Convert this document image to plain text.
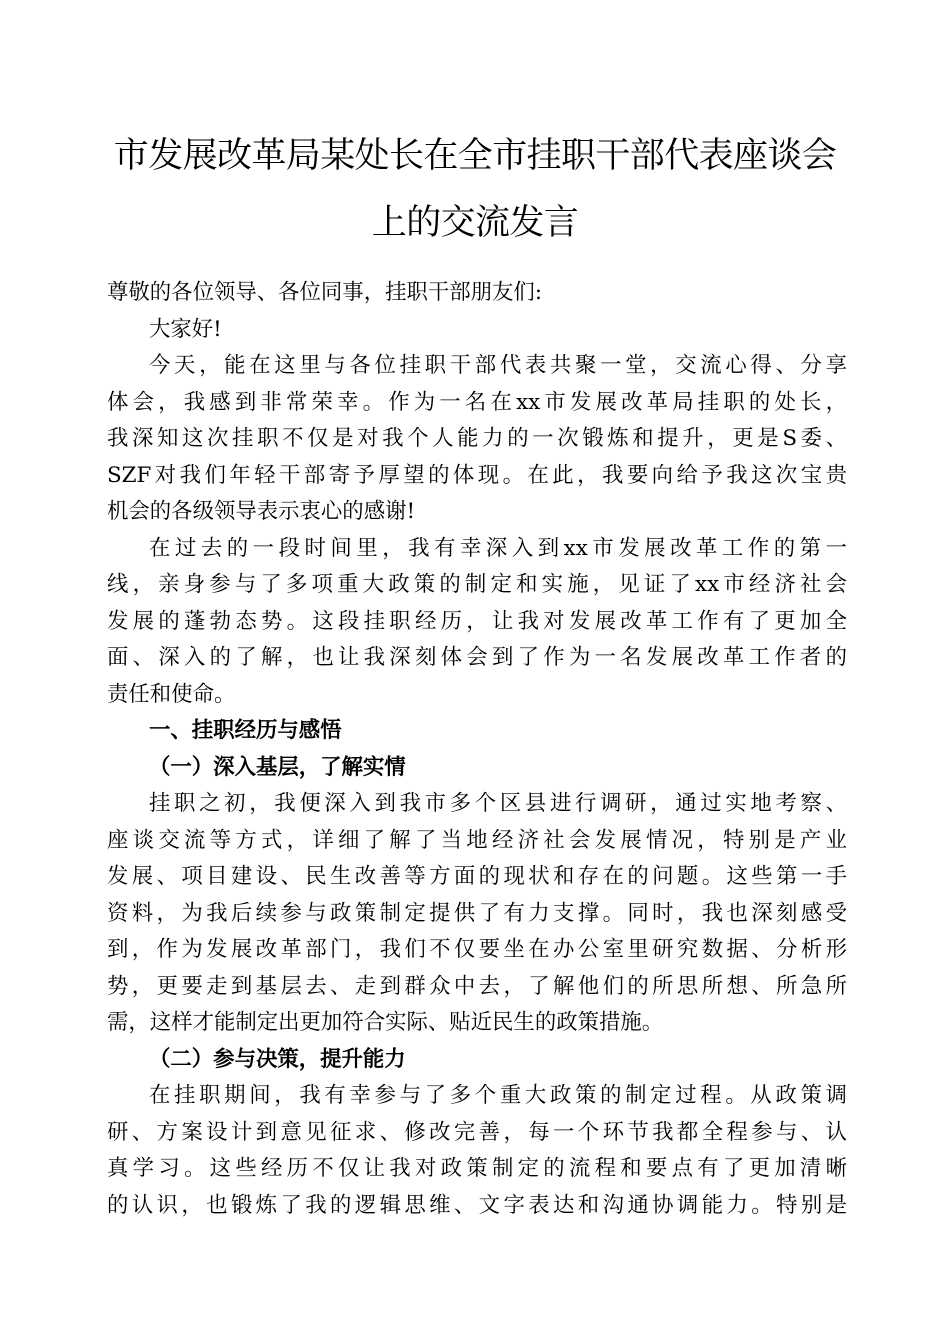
市发展改革局某处长在全市挂职干部代表座谈会
上的交流发言
尊敬的各位领导、各位同事，挂职干部朋友们:
大家好!
今天，能在这里与各位挂职干部代表共聚一堂，交流心得、分享
体会，我感到非常荣幸。作为一名在xx市发展改革局挂职的处长，
我深知这次挂职不仅是对我个人能力的一次锻炼和提升，更是S委、
SZF对我们年轻干部寄予厚望的体现。在此，我要向给予我这次宝贵
机会的各级领导表示衷心的感谢!
在过去的一段时间里，我有幸深入到xx市发展改革工作的第一
线，亲身参与了多项重大政策的制定和实施，见证了xx市经济社会
发展的蓬勃态势。这段挂职经历，让我对发展改革工作有了更加全
面、深入的了解，也让我深刻体会到了作为一名发展改革工作者的
责任和使命。
一、挂职经历与感悟
（一）深入基层，了解实情
挂职之初，我便深入到我市多个区县进行调研，通过实地考察、
座谈交流等方式，详细了解了当地经济社会发展情况，特别是产业
发展、项目建设、民生改善等方面的现状和存在的问题。这些第一手
资料，为我后续参与政策制定提供了有力支撑。同时，我也深刻感受
到，作为发展改革部门，我们不仅要坐在办公室里研究数据、分析形
势，更要走到基层去、走到群众中去，了解他们的所思所想、所急所
需，这样才能制定出更加符合实际、贴近民生的政策措施。
（二）参与决策，提升能力
在挂职期间，我有幸参与了多个重大政策的制定过程。从政策调
研、方案设计到意见征求、修改完善，每一个环节我都全程参与、认
真学习。这些经历不仅让我对政策制定的流程和要点有了更加清晰
的认识，也锻炼了我的逻辑思维、文字表达和沟通协调能力。特别是
